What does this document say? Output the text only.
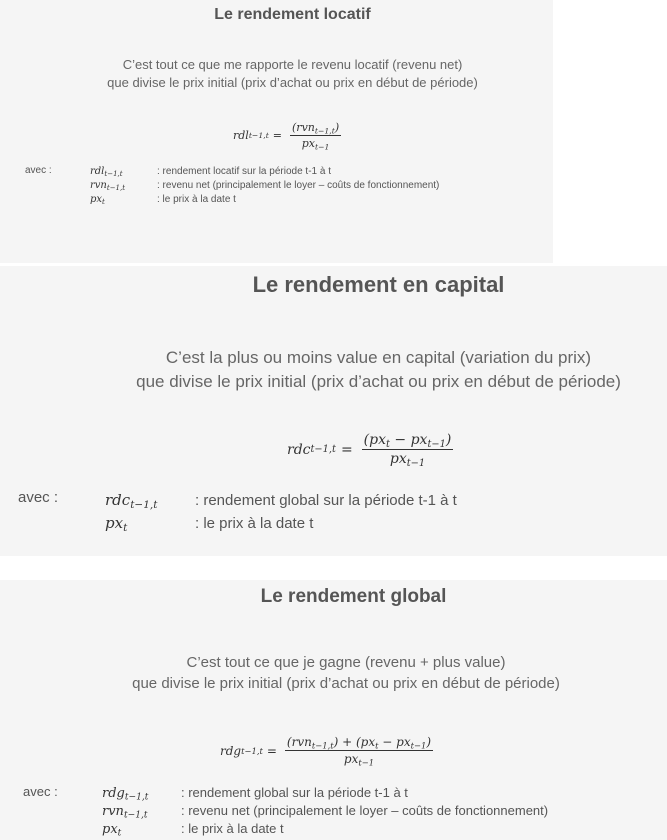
Le rendement locatif
C’est tout ce que me rapporte le revenu locatif (revenu net)
que divise le prix initial (prix d’achat ou prix en début de période)
rdl $t-1,t = \frac{(rvn_{t-1,t})}{px_{t-1}}$
avec :	rdl$_{t-1,t}$	: rendement locatif sur la période t-1 à t
rvn$_{t-1,t}$	: revenu net (principalement le loyer – coûts de fonctionnement)
$px_t$	: le prix à la date t
Le rendement en capital
C’est la plus ou moins value en capital (variation du prix)
que divise le prix initial (prix d’achat ou prix en début de période)
rdc $t-1,t = \frac{(px_t - px_{t-1})}{px_{t-1}}$
avec :	rdc$_{t-1,t}$	: rendement global sur la période t-1 à t
$px_t$	: le prix à la date t
Le rendement global
C’est tout ce que je gagne (revenu + plus value)
que divise le prix initial (prix d’achat ou prix en début de période)
rdg $t-1,t = \frac{(rvn_{t-1,t}) + (px_t - px_{t-1})}{px_{t-1}}$
avec :	rdg$_{t-1,t}$	: rendement global sur la période t-1 à t
rvn$_{t-1,t}$	: revenu net (principalement le loyer – coûts de fonctionnement)
$px_t$	: le prix à la date t
